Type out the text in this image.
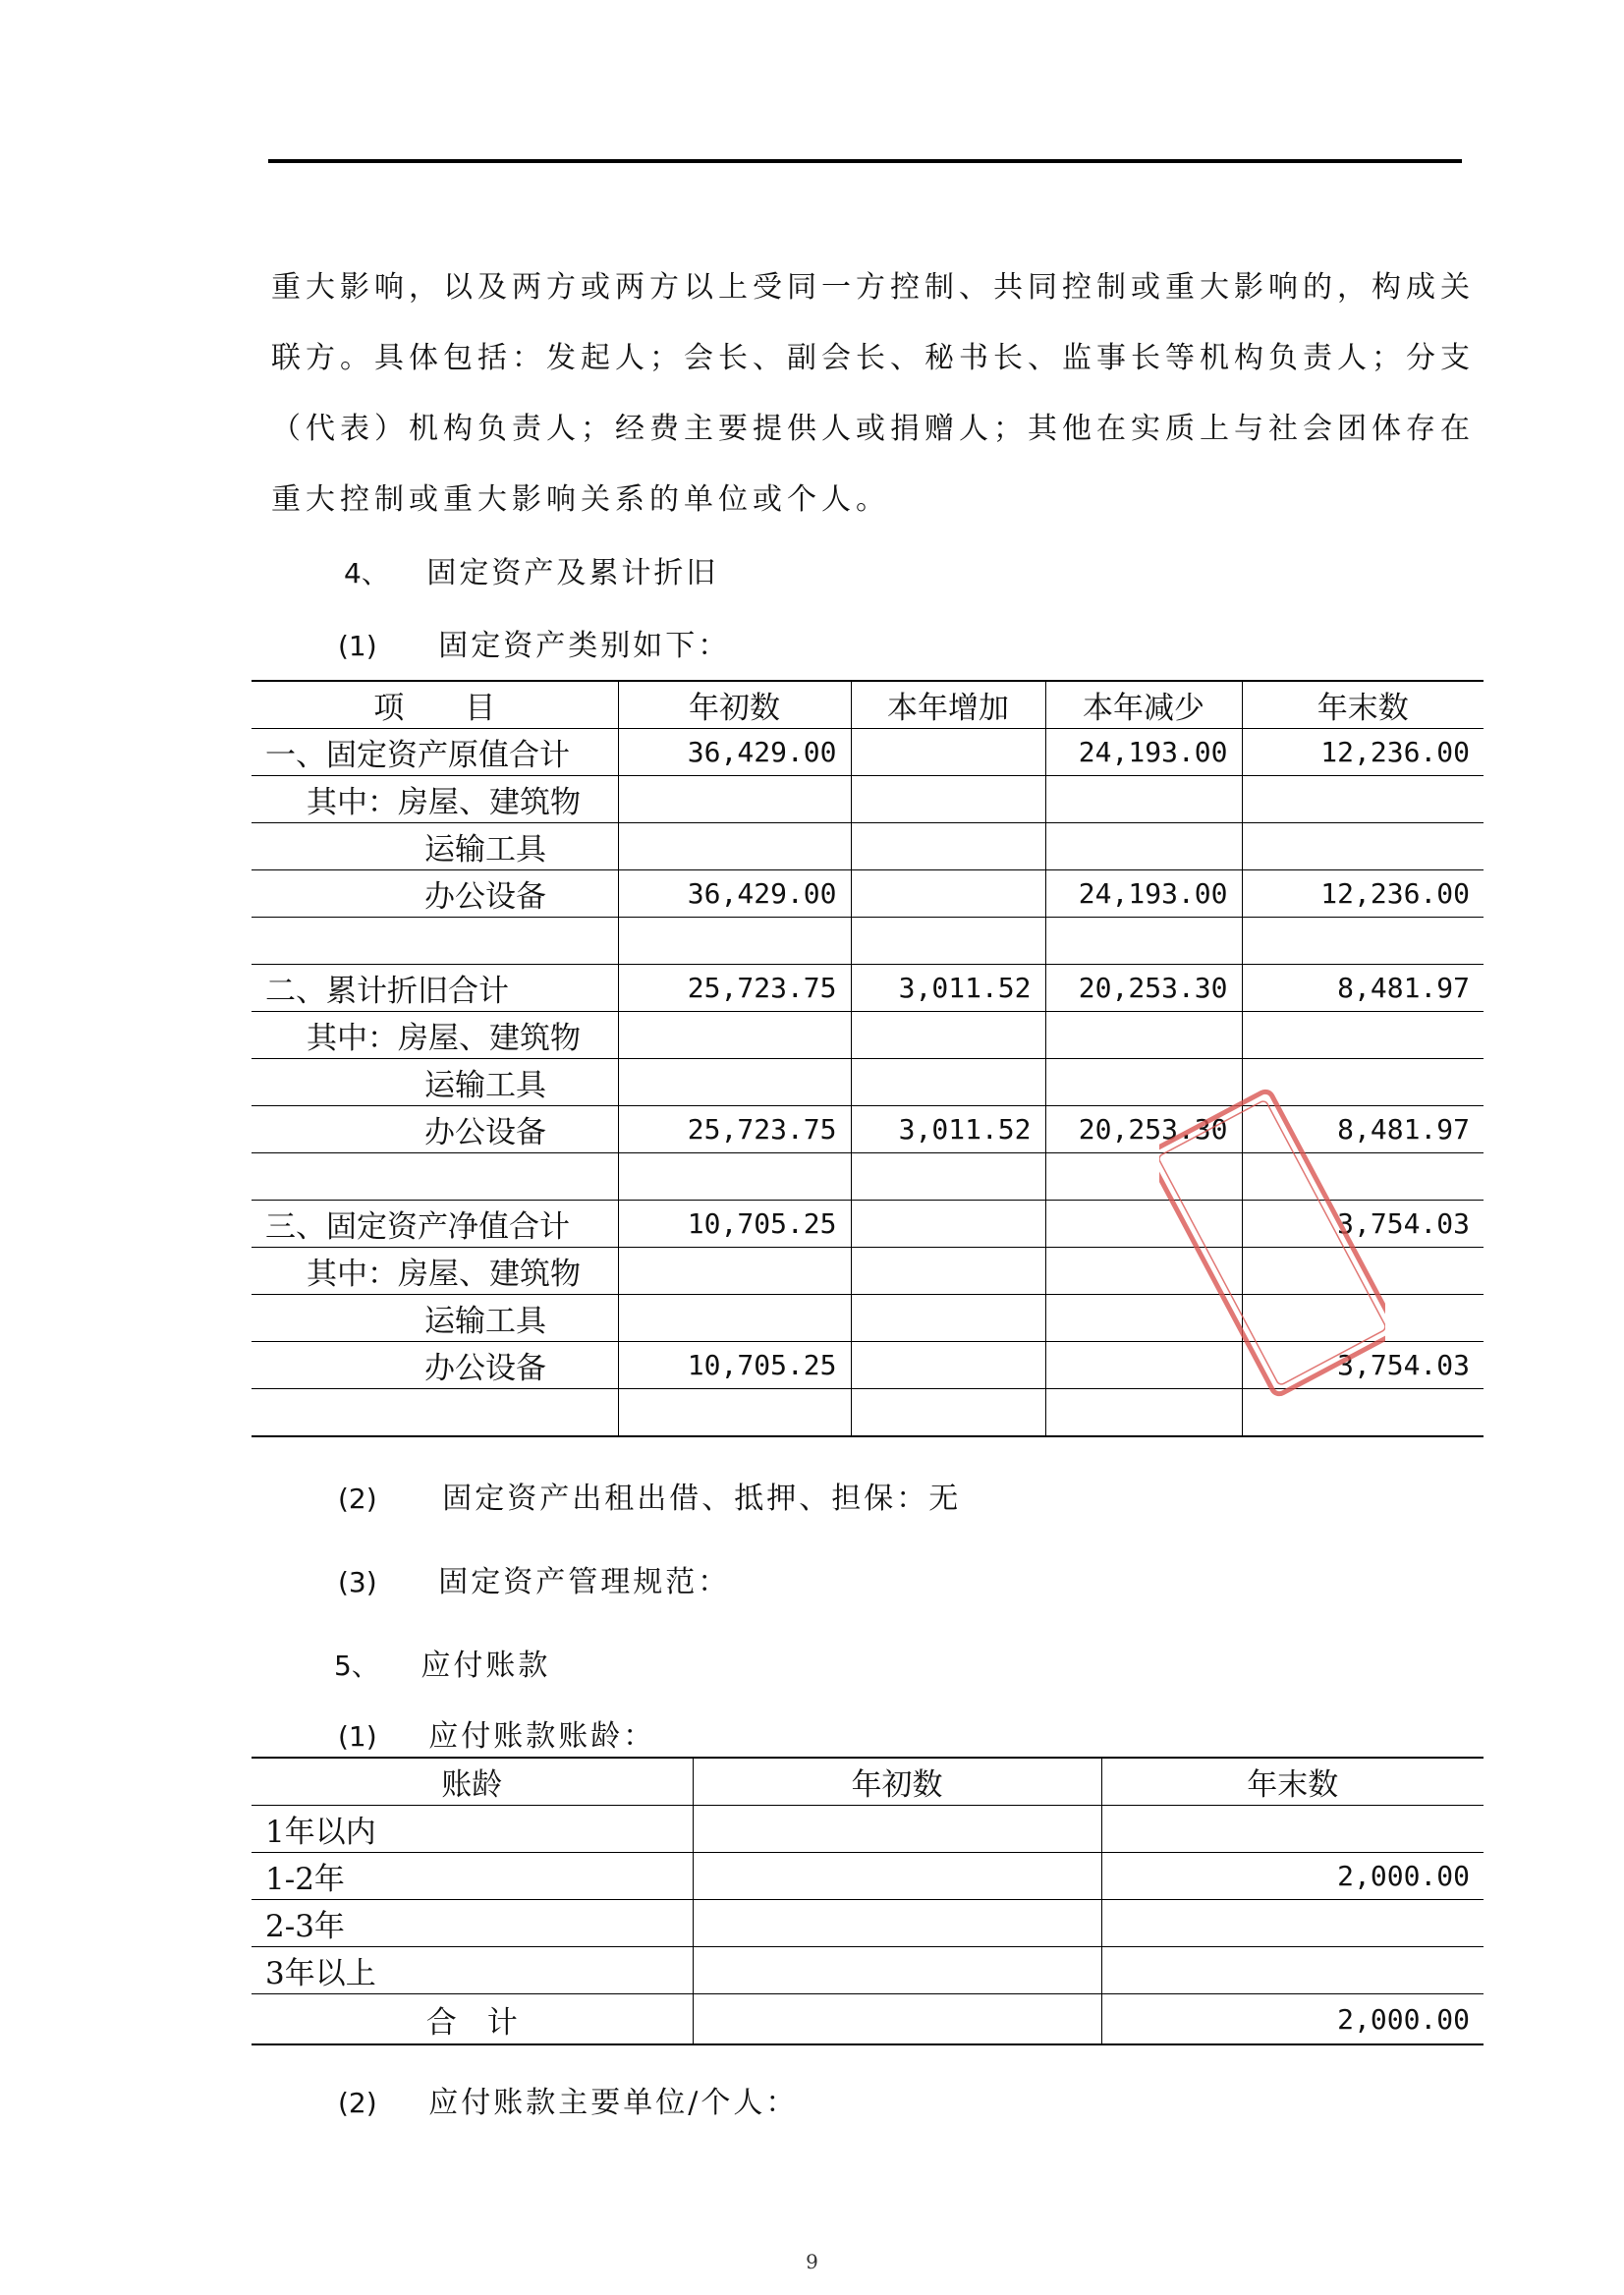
重大影响，以及两方或两方以上受同一方控制、共同控制或重大影响的，构成关
联方。具体包括：发起人；会长、副会长、秘书长、监事长等机构负责人；分支
（代表）机构负责人；经费主要提供人或捐赠人；其他在实质上与社会团体存在
重大控制或重大影响关系的单位或个人。
4、 固定资产及累计折旧
(1) 固定资产类别如下：
项　　目	年初数	本年增加	本年减少	年末数
一、固定资产原值合计	36,429.00		24,193.00	12,236.00
其中：房屋、建筑物				
运输工具				
办公设备	36,429.00		24,193.00	12,236.00

二、累计折旧合计	25,723.75	3,011.52	20,253.30	8,481.97
其中：房屋、建筑物				
运输工具				
办公设备	25,723.75	3,011.52	20,253.30	8,481.97

三、固定资产净值合计	10,705.25			3,754.03
其中：房屋、建筑物				
运输工具				
办公设备	10,705.25			3,754.03

(2) 固定资产出租出借、抵押、担保：无
(3) 固定资产管理规范：
5、 应付账款
(1) 应付账款账龄：
账龄	年初数	年末数
1年以内		
1-2年		2,000.00
2-3年		
3年以上		
合　计		2,000.00
(2) 应付账款主要单位/个人：
9
